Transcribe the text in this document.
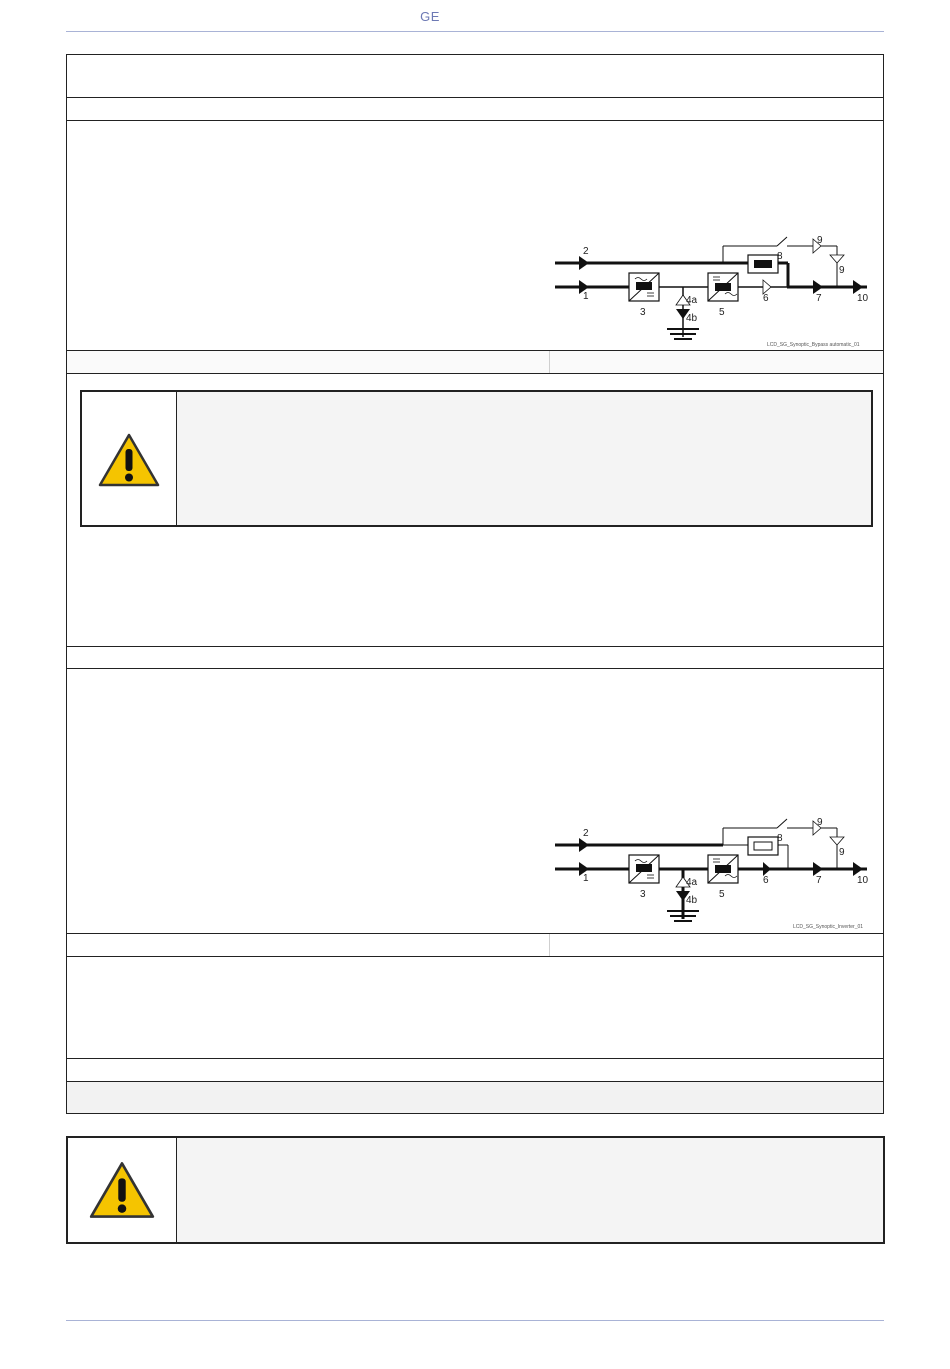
GE
2
1
3
4a
4b
5
6	7
8
9
9
10
LCD_SG_Synoptic_Bypass automatic_01
2
1
3
4a
4b
5
6	7
8
9
9
10
LCD_SG_Synoptic_Inverter_01
